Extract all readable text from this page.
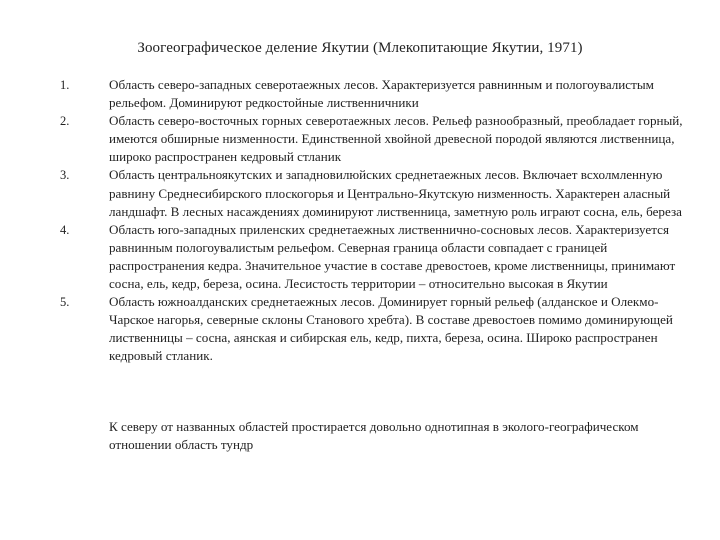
Зоогеографическое деление Якутии (Млекопитающие Якутии, 1971)
1.	Область северо-западных северотаежных лесов. Характеризуется равнинным и пологоувалистым рельефом. Доминируют редкостойные лиственничники
2.	Область северо-восточных горных северотаежных лесов. Рельеф разнообразный, преобладает горный, имеются обширные низменности. Единственной хвойной древесной породой являются лиственница, широко распространен кедровый стланик
3.	Область центральноякутских и западновилюйских среднетаежных лесов. Включает всхолмленную равнину Среднесибирского плоскогорья и Центрально-Якутскую низменность. Характерен аласный ландшафт. В лесных насаждениях доминируют лиственница, заметную роль играют сосна, ель, береза
4.	Область юго-западных приленских среднетаежных лиственнично-сосновых лесов. Характеризуется равнинным пологоувалистым рельефом. Северная граница области совпадает с границей распространения кедра. Значительное участие в составе древостоев, кроме лиственницы, принимают сосна, ель, кедр, береза, осина. Лесистость территории – относительно высокая в Якутии
5.	Область южноалданских среднетаежных лесов. Доминирует горный рельеф (алданское и Олекмо-Чарское нагорья, северные склоны Станового хребта). В составе древостоев помимо доминирующей лиственницы – сосна, аянская и сибирская ель, кедр, пихта, береза, осина. Широко распространен кедровый стланик.
К северу от названных областей простирается довольно однотипная в эколого-географическом отношении область тундр
